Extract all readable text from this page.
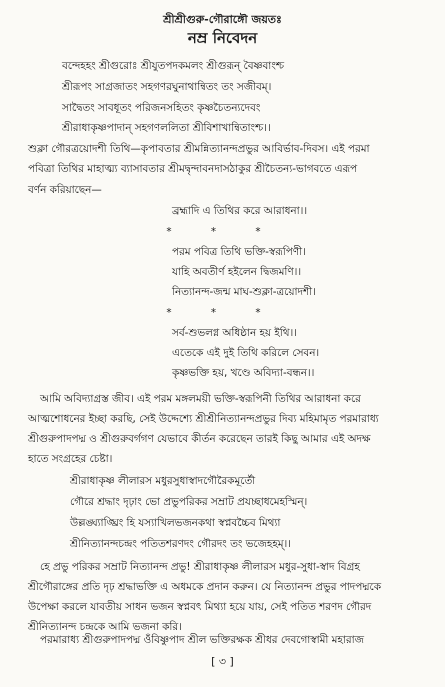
শ্রীশ্রীগুরু-গৌরাঙ্গৌ জয়তঃ
নম্র নিবেদন
বন্দেহহং শ্রীগুরোঃ শ্রীযুতপদকমলং শ্রীগুরূন্ বৈষ্ণবাংশ্চ
শ্রীরূপং সাগ্রজাতং সহগণরঘুনাথান্বিতং তং সজীবম্।
সাদ্বৈতং সাবধূতং পরিজনসহিতং কৃষ্ণচৈতন্যদেবং
শ্রীরাধাকৃষ্ণপাদান্ সহগণললিতা শ্রীবিশাখান্বিতাংশ্চ।।
শুক্লা গৌরত্রয়োদশী তিথি—কৃপাবতার শ্রীমন্নিত্যানন্দপ্রভুর আবির্ভাব-দিবস। এই পরমা
পবিত্রা তিথির মাহাত্ম্য ব্যাসাবতার শ্রীমদ্বৃন্দাবনদাসঠাকুর শ্রীচৈতন্য-ভাগবতে এরূপ
বর্ণন করিয়াছেন—
ব্রহ্মাদি এ তিথির করে আরাধনা।।
* * *
পরম পবিত্র তিথি ভক্তি-স্বরূপিণী।
যাহি অবতীর্ণ হইলেন দ্বিজমণি।।
নিত্যানন্দ-জন্ম মাঘ-শুক্লা-ত্রয়োদশী।
* * *
সর্ব-শুভলগ্ন অধিষ্ঠান হয় ইথি।।
এতেকে এই দুই তিথি করিলে সেবন।
কৃষ্ণভক্তি হয়, খণ্ডে অবিদ্যা-বন্ধন।।
আমি অবিদ্যাগ্রস্ত জীব। এই পরম মঙ্গলময়ী ভক্তি-স্বরূপিনী তিথির আরাধনা করে
আত্মশোধনের ইচ্ছা করছি, সেই উদ্দেশ্যে শ্রীশ্রীনিত্যানন্দপ্রভুর দিব্য মহিমামৃত পরমারাধ্য
শ্রীগুরুপাদপদ্ম ও শ্রীগুরুবর্গগণ যেভাবে কীর্তন করেছেন তারই কিছু আমার এই অদক্ষ
হাতে সংগ্রহের চেষ্টা।
শ্রীরাধাকৃষ্ণ লীলারস মধুরসুধাস্বাদগৌরৈকমূর্তৌ
গৌরে শ্রদ্ধাং দৃঢ়াং ভো প্রভুপরিকর সম্রাট প্রযচ্ছাধমেহস্মিন্।
উল্লঙ্ঘ্যাঙ্ঘ্রিং হি যস্যাখিলভজনকথা স্বপ্নবচ্চৈব মিথ্যা
শ্রীনিত্যানন্দচন্দ্রং পতিতশরণদং গৌরদং তং ভজেহহম্।।
হে প্রভু পরিকর সম্রাট নিত্যানন্দ প্রভু! শ্রীরাধাকৃষ্ণ লীলারস মধুর-সুধা-স্বাদ বিগ্রহ
শ্রীগৌরাঙ্গের প্রতি দৃঢ় শ্রদ্ধাভক্তি এ অধমকে প্রদান করুন। যে নিত্যানন্দ প্রভুর পাদপদ্মকে
উপেক্ষা করলে যাবতীয় সাধন ভজন স্বপ্নবৎ মিথ্যা হয়ে যায়, সেই পতিত শরণদ গৌরদ
শ্রীনিত্যানন্দ চন্দ্রকে আমি ভজনা করি।
পরমারাধ্য শ্রীগুরুপাদপদ্ম ওঁবিষ্ণুপাদ শ্রীল ভক্তিরক্ষক শ্রীধর দেবগোস্বামী মহারাজ
[ ৩ ]
